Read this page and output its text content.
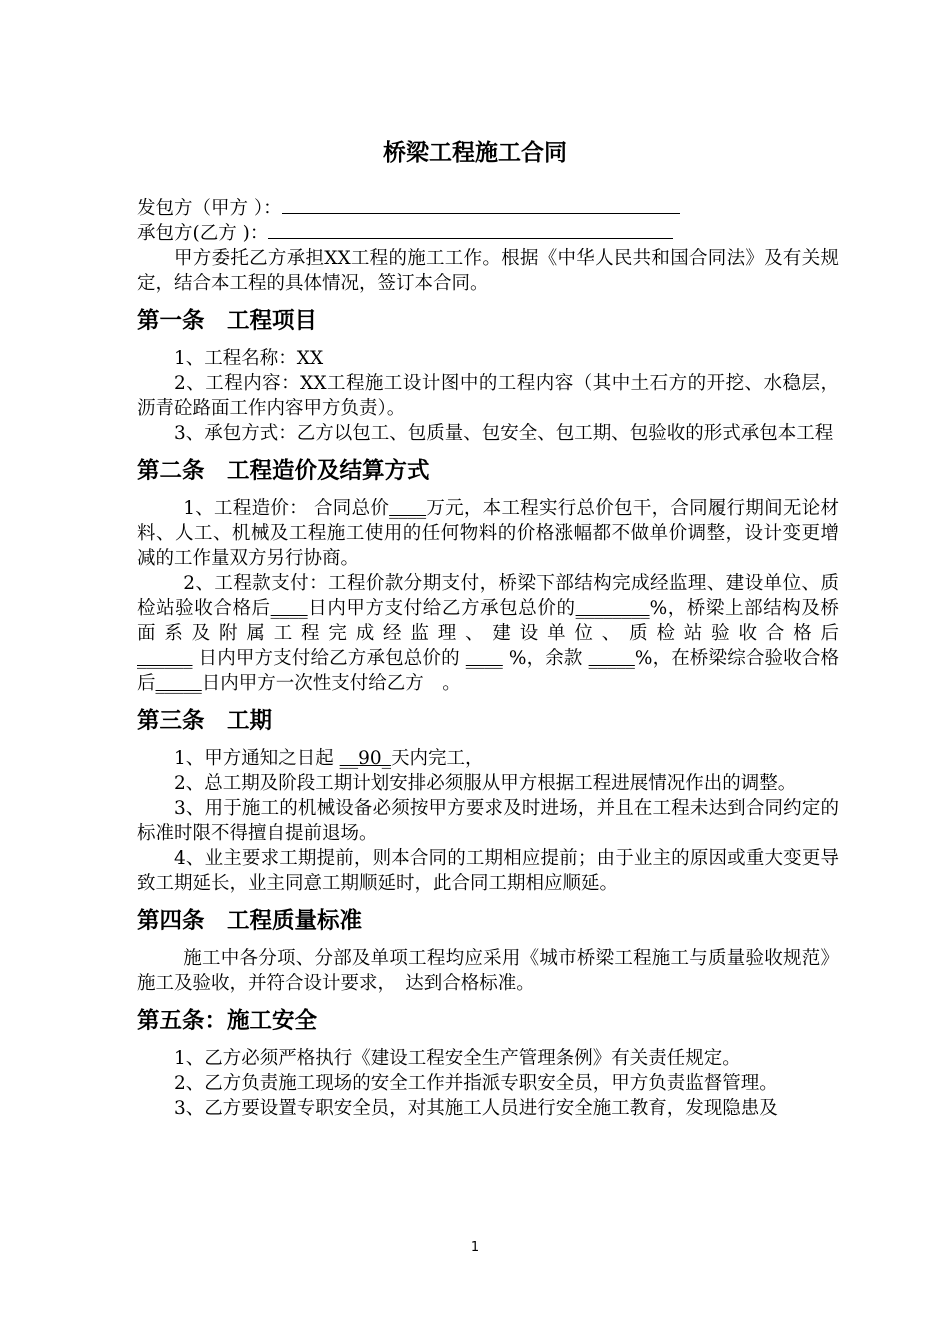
桥梁工程施工合同

发包方（甲方 ）：

承包方(乙方 )：

甲方委托乙方承担XX工程的施工工作。根据《中华人民共和国合同法》及有关规定，结合本工程的具体情况，签订本合同。

第一条　工程项目

1、工程名称：XX

2、工程内容：XX工程施工设计图中的工程内容（其中土石方的开挖、水稳层，沥青砼路面工作内容甲方负责）。

3、承包方式：乙方以包工、包质量、包安全、包工期、包验收的形式承包本工程

第二条　工程造价及结算方式

1、工程造价： 合同总价____万元，本工程实行总价包干，合同履行期间无论材料、人工、机械及工程施工使用的任何物料的价格涨幅都不做单价调整，设计变更增减的工作量双方另行协商。

2、工程款支付：工程价款分期支付，桥梁下部结构完成经监理、建设单位、质检站验收合格后____日内甲方支付给乙方承包总价的________%，桥梁上部结构及桥面系及附属工程完成经监理、建设单位、质检站验收合格后______ 日内甲方支付给乙方承包总价的 ____ %，余款 _____%，在桥梁综合验收合格后_____日内甲方一次性支付给乙方　。

第三条　工期

1、甲方通知之日起 __90_天内完工，

2、总工期及阶段工期计划安排必须服从甲方根据工程进展情况作出的调整。

3、用于施工的机械设备必须按甲方要求及时进场，并且在工程未达到合同约定的标准时限不得擅自提前退场。

4、业主要求工期提前，则本合同的工期相应提前；由于业主的原因或重大变更导致工期延长，业主同意工期顺延时，此合同工期相应顺延。

第四条　工程质量标准

施工中各分项、分部及单项工程均应采用《城市桥梁工程施工与质量验收规范》施工及验收，并符合设计要求，　达到合格标准。

第五条：施工安全

1、乙方必须严格执行《建设工程安全生产管理条例》有关责任规定。

2、乙方负责施工现场的安全工作并指派专职安全员，甲方负责监督管理。

3、乙方要设置专职安全员，对其施工人员进行安全施工教育，发现隐患及

1
